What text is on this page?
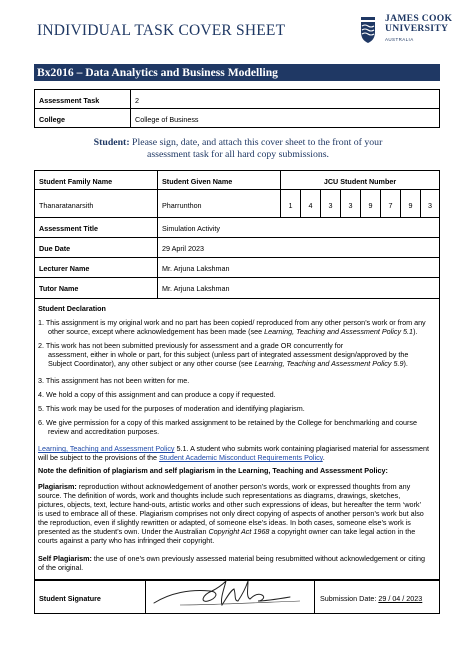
INDIVIDUAL TASK COVER SHEET
JAMES COOK
UNIVERSITY
AUSTRALIA
Bx2016 – Data Analytics and Business Modelling
Assessment Task	2
College	College of Business
Student: Please sign, date, and attach this cover sheet to the front of your
assessment task for all hard copy submissions.
Student Family Name	Student Given Name	JCU Student Number
Thanaratanarsith	Pharrunthon	1	4	3	3	9	7	9	3
Assessment Title	Simulation Activity
Due Date	29 April 2023
Lecturer Name	Mr. Arjuna Lakshman
Tutor Name	Mr. Arjuna Lakshman

Student Declaration

1. This assignment is my original work and no part has been copied/ reproduced from any other person’s work or from any
other source, except where acknowledgement has been made (see Learning, Teaching and Assessment Policy 5.1).

2. This work has not been submitted previously for assessment and a grade OR concurrently for
assessment, either in whole or part, for this subject (unless part of integrated assessment design/approved by the
Subject Coordinator), any other subject or any other course (see Learning, Teaching and Assessment Policy 5.9).

3. This assignment has not been written for me.

4. We hold a copy of this assignment and can produce a copy if requested.

5. This work may be used for the purposes of moderation and identifying plagiarism.

6. We give permission for a copy of this marked assignment to be retained by the College for benchmarking and course
review and accreditation purposes.

Learning, Teaching and Assessment Policy 5.1. A student who submits work containing plagiarised material for assessment
will be subject to the provisions of the Student Academic Misconduct Requirements Policy.

Note the definition of plagiarism and self plagiarism in the Learning, Teaching and Assessment Policy:

Plagiarism: reproduction without acknowledgement of another person’s words, work or expressed thoughts from any
source. The definition of words, work and thoughts include such representations as diagrams, drawings, sketches,
pictures, objects, text, lecture hand-outs, artistic works and other such expressions of ideas, but hereafter the term ‘work’
is used to embrace all of these. Plagiarism comprises not only direct copying of aspects of another person’s work but also
the reproduction, even if slightly rewritten or adapted, of someone else’s ideas. In both cases, someone else’s work is
presented as the student’s own. Under the Australian Copyright Act 1968 a copyright owner can take legal action in the
courts against a party who has infringed their copyright.

Self Plagiarism: the use of one’s own previously assessed material being resubmitted without acknowledgement or citing
of the original.

Student Signature	Submission Date: 29 / 04 / 2023
